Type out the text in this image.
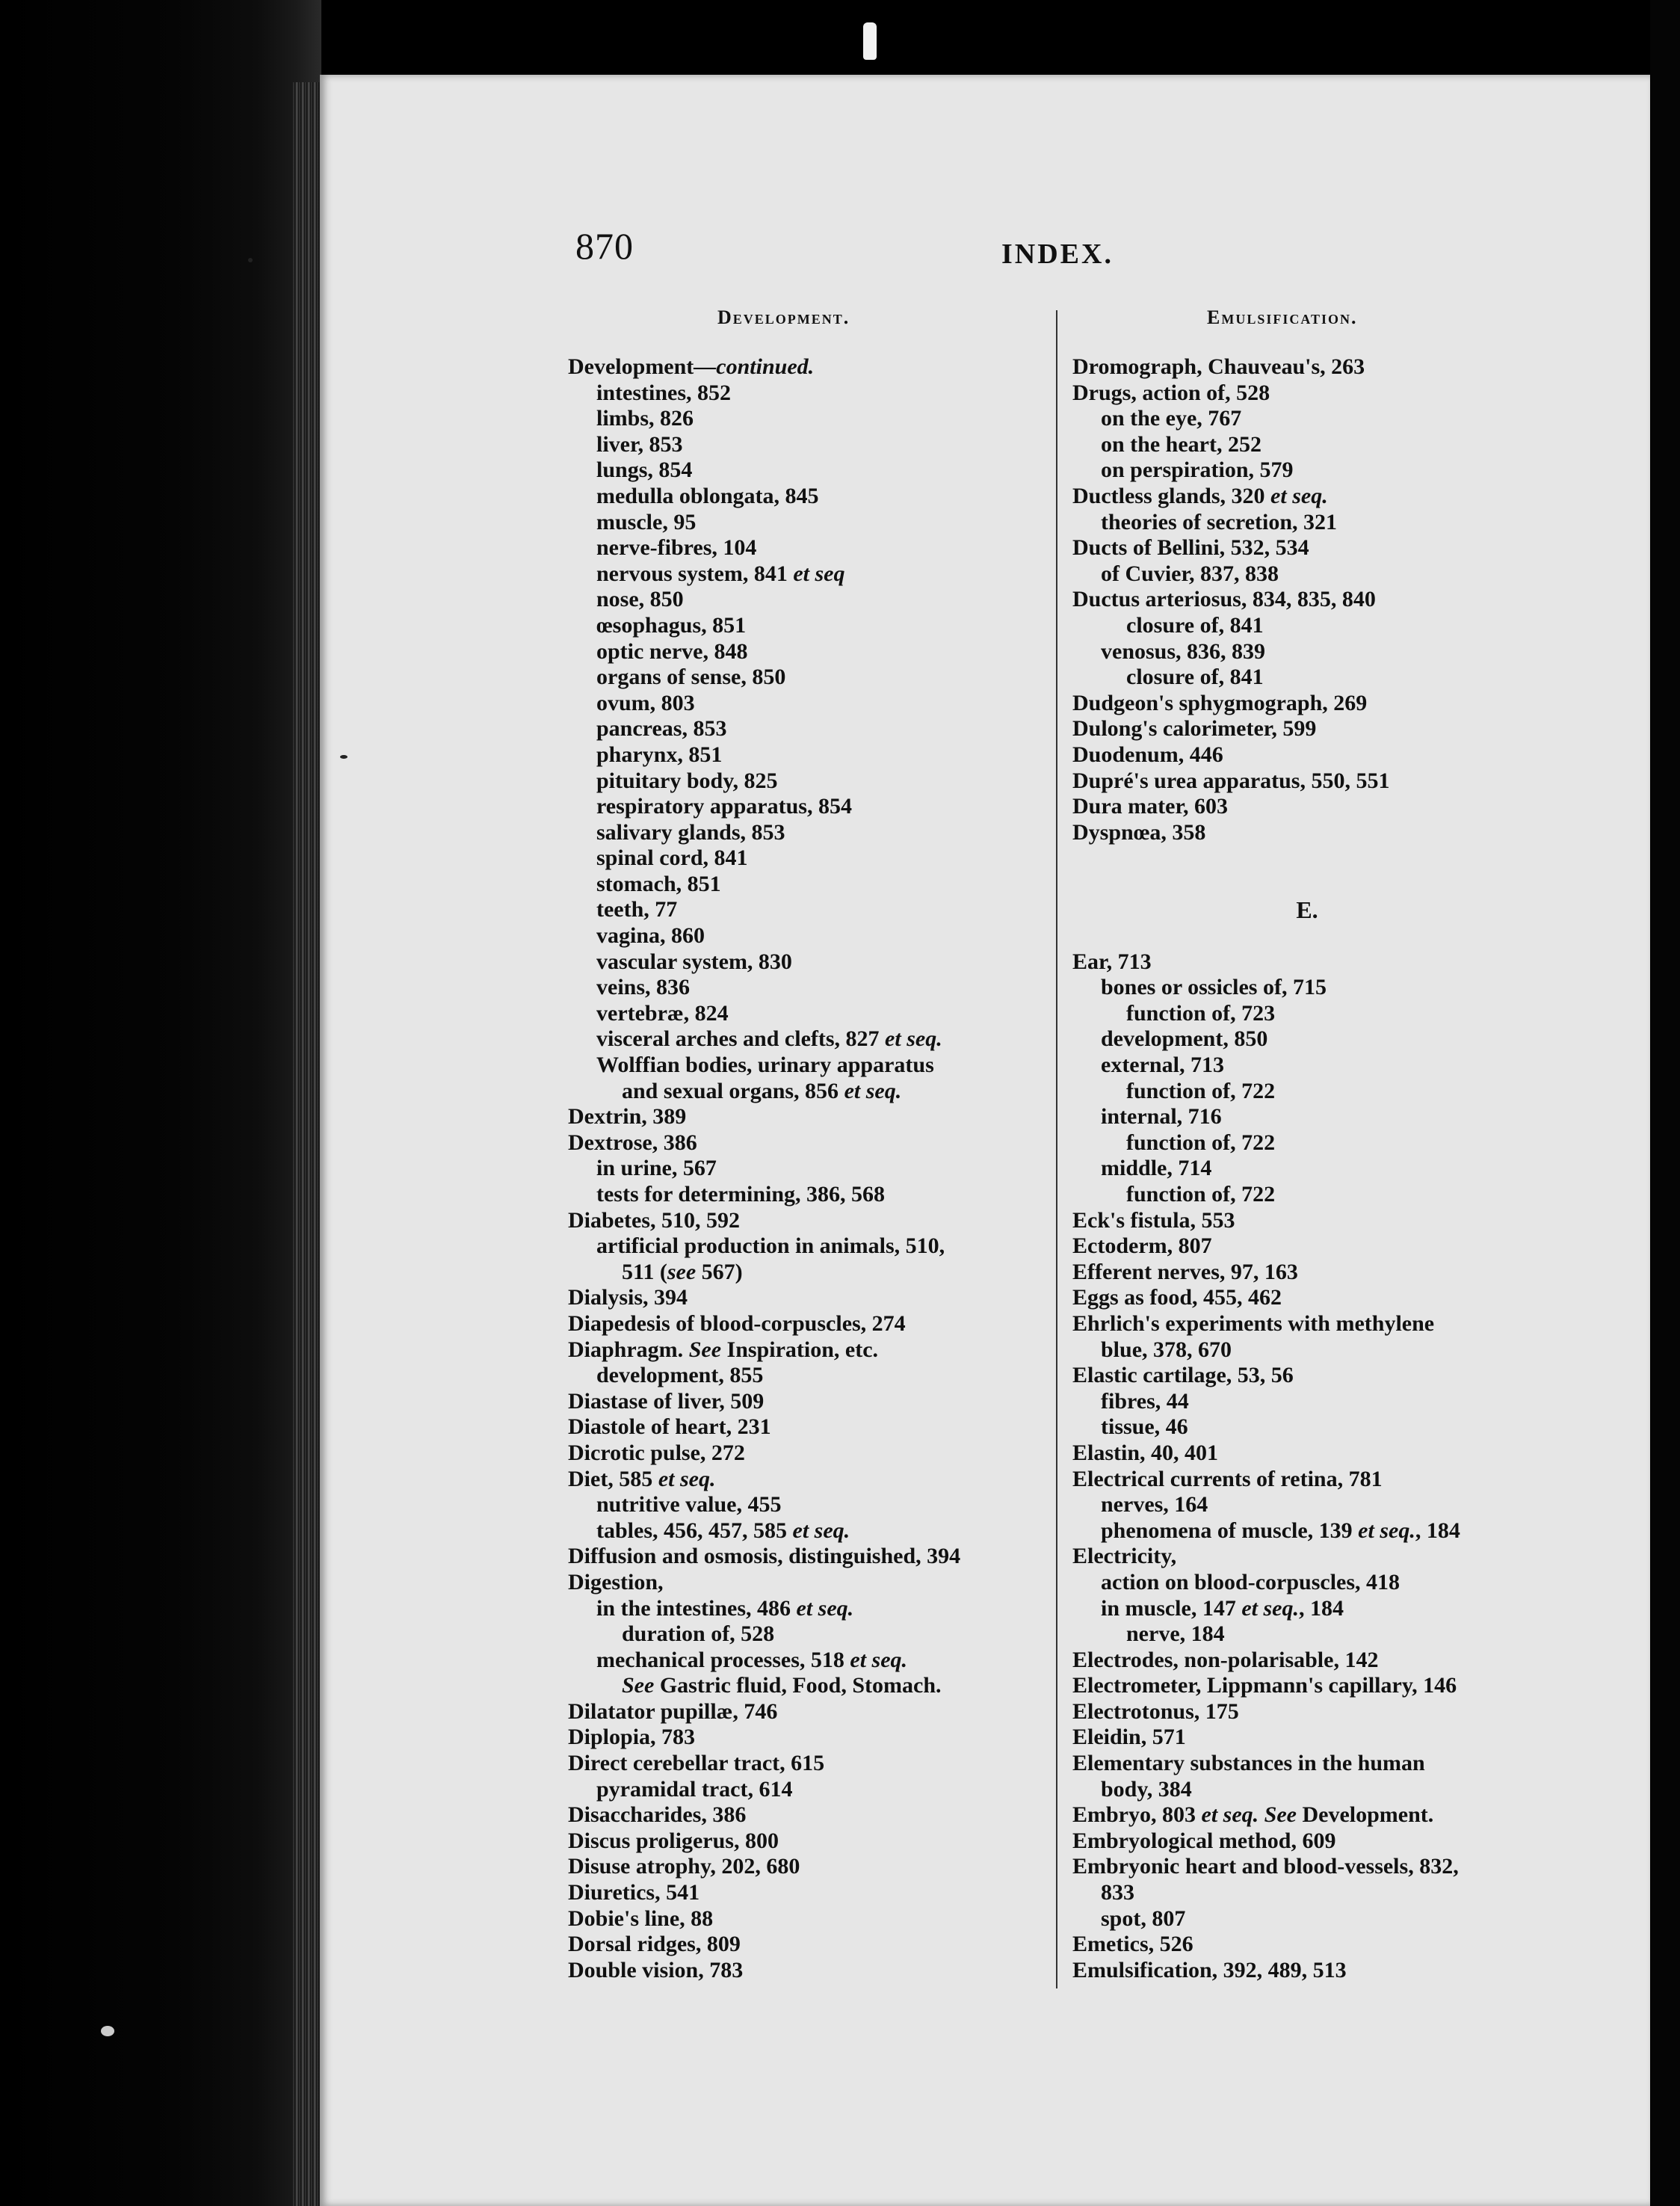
870	INDEX.
Development.	Emulsification.
Development—continued.
intestines, 852
limbs, 826
liver, 853
lungs, 854
medulla oblongata, 845
muscle, 95
nerve-fibres, 104
nervous system, 841 et seq
nose, 850
œsophagus, 851
optic nerve, 848
organs of sense, 850
ovum, 803
pancreas, 853
pharynx, 851
pituitary body, 825
respiratory apparatus, 854
salivary glands, 853
spinal cord, 841
stomach, 851
teeth, 77
vagina, 860
vascular system, 830
veins, 836
vertebræ, 824
visceral arches and clefts, 827 et seq.
Wolffian bodies, urinary apparatus
and sexual organs, 856 et seq.
Dextrin, 389
Dextrose, 386
in urine, 567
tests for determining, 386, 568
Diabetes, 510, 592
artificial production in animals, 510,
511 (see 567)
Dialysis, 394
Diapedesis of blood-corpuscles, 274
Diaphragm. See Inspiration, etc.
development, 855
Diastase of liver, 509
Diastole of heart, 231
Dicrotic pulse, 272
Diet, 585 et seq.
nutritive value, 455
tables, 456, 457, 585 et seq.
Diffusion and osmosis, distinguished, 394
Digestion,
in the intestines, 486 et seq.
duration of, 528
mechanical processes, 518 et seq.
See Gastric fluid, Food, Stomach.
Dilatator pupillæ, 746
Diplopia, 783
Direct cerebellar tract, 615
pyramidal tract, 614
Disaccharides, 386
Discus proligerus, 800
Disuse atrophy, 202, 680
Diuretics, 541
Dobie's line, 88
Dorsal ridges, 809
Double vision, 783
Dromograph, Chauveau's, 263
Drugs, action of, 528
on the eye, 767
on the heart, 252
on perspiration, 579
Ductless glands, 320 et seq.
theories of secretion, 321
Ducts of Bellini, 532, 534
of Cuvier, 837, 838
Ductus arteriosus, 834, 835, 840
closure of, 841
venosus, 836, 839
closure of, 841
Dudgeon's sphygmograph, 269
Dulong's calorimeter, 599
Duodenum, 446
Dupré's urea apparatus, 550, 551
Dura mater, 603
Dyspnœa, 358
E.
Ear, 713
bones or ossicles of, 715
function of, 723
development, 850
external, 713
function of, 722
internal, 716
function of, 722
middle, 714
function of, 722
Eck's fistula, 553
Ectoderm, 807
Efferent nerves, 97, 163
Eggs as food, 455, 462
Ehrlich's experiments with methylene
blue, 378, 670
Elastic cartilage, 53, 56
fibres, 44
tissue, 46
Elastin, 40, 401
Electrical currents of retina, 781
nerves, 164
phenomena of muscle, 139 et seq., 184
Electricity,
action on blood-corpuscles, 418
in muscle, 147 et seq., 184
nerve, 184
Electrodes, non-polarisable, 142
Electrometer, Lippmann's capillary, 146
Electrotonus, 175
Eleidin, 571
Elementary substances in the human
body, 384
Embryo, 803 et seq. See Development.
Embryological method, 609
Embryonic heart and blood-vessels, 832,
833
spot, 807
Emetics, 526
Emulsification, 392, 489, 513
